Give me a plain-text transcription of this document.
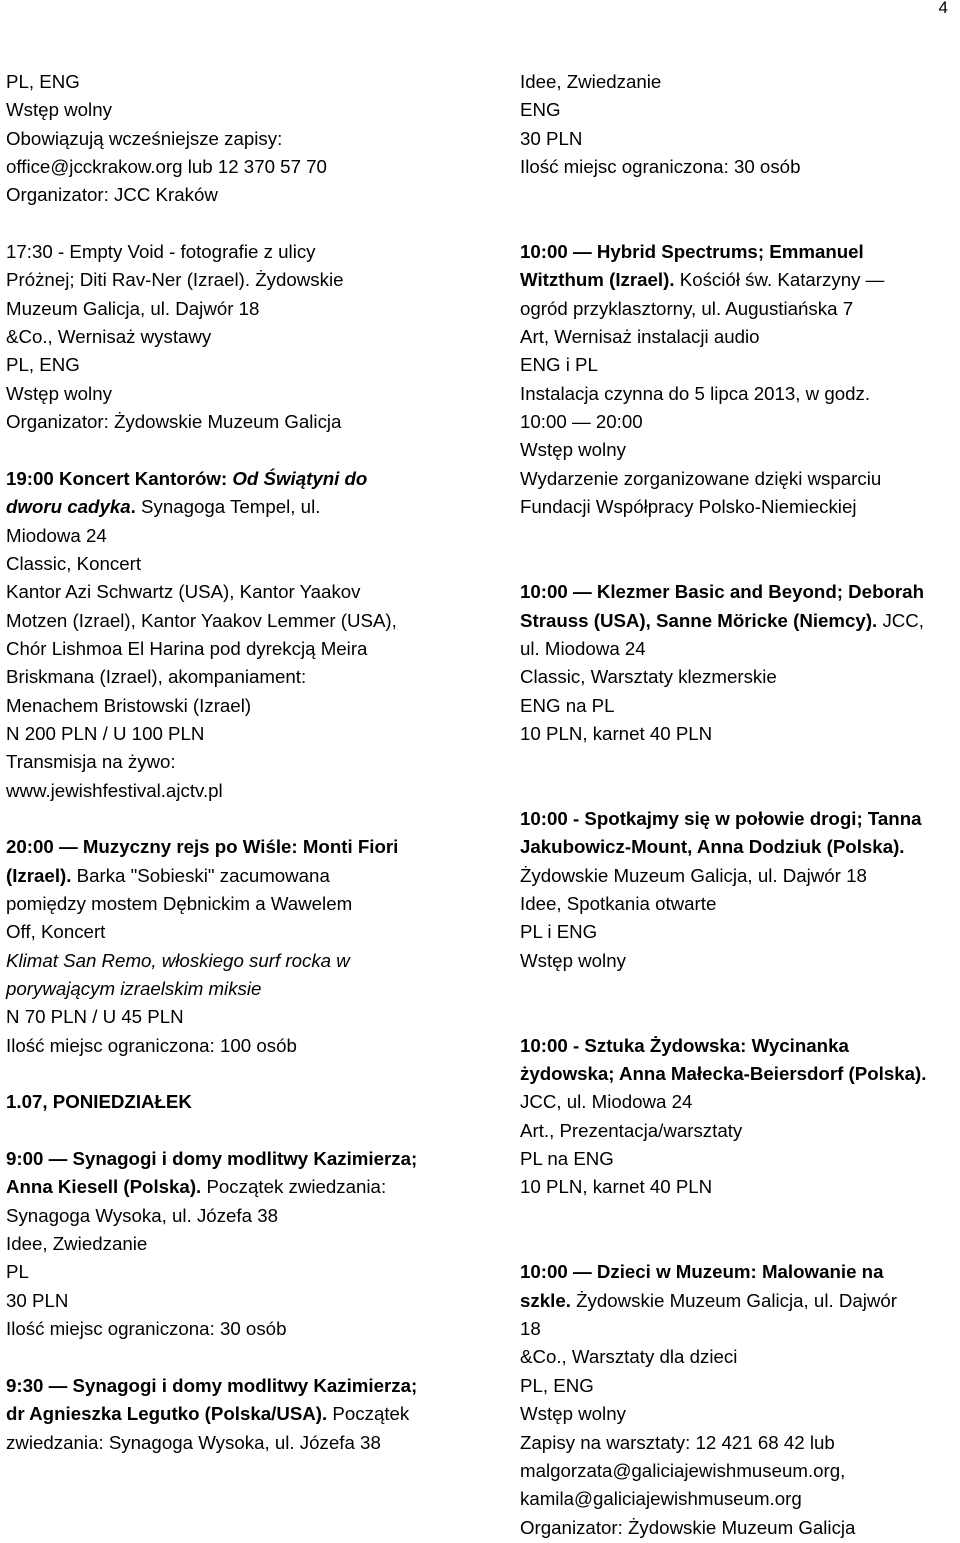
4
PL, ENG
Wstęp wolny
Obowiązują wcześniejsze zapisy:
office@jcckrakow.org lub 12 370 57 70
Organizator: JCC Kraków
17:30 - Empty Void - fotografie z ulicy
Próżnej; Diti Rav-Ner (Izrael). Żydowskie
Muzeum Galicja, ul. Dajwór 18
&Co., Wernisaż wystawy
PL, ENG
Wstęp wolny
Organizator: Żydowskie Muzeum Galicja
19:00 Koncert Kantorów: Od Świątyni do
dworu cadyka. Synagoga Tempel, ul.
Miodowa 24
Classic, Koncert
Kantor Azi Schwartz (USA), Kantor Yaakov
Motzen (Izrael), Kantor Yaakov Lemmer (USA),
Chór Lishmoa El Harina pod dyrekcją Meira
Briskmana (Izrael), akompaniament:
Menachem Bristowski (Izrael)
N 200 PLN / U 100 PLN
Transmisja na żywo:
www.jewishfestival.ajctv.pl
20:00 — Muzyczny rejs po Wiśle: Monti Fiori
(Izrael). Barka "Sobieski" zacumowana
pomiędzy mostem Dębnickim a Wawelem
Off, Koncert
Klimat San Remo, włoskiego surf rocka w
porywającym izraelskim miksie
N 70 PLN / U 45 PLN
Ilość miejsc ograniczona: 100 osób
1.07, PONIEDZIAŁEK
9:00 — Synagogi i domy modlitwy Kazimierza;
Anna Kiesell (Polska). Początek zwiedzania:
Synagoga Wysoka, ul. Józefa 38
Idee, Zwiedzanie
PL
30 PLN
Ilość miejsc ograniczona: 30 osób
9:30 — Synagogi i domy modlitwy Kazimierza;
dr Agnieszka Legutko (Polska/USA). Początek
zwiedzania: Synagoga Wysoka, ul. Józefa 38
Idee, Zwiedzanie
ENG
30 PLN
Ilość miejsc ograniczona: 30 osób
10:00 — Hybrid Spectrums; Emmanuel
Witzthum (Izrael). Kościół św. Katarzyny —
ogród przyklasztorny, ul. Augustiańska 7
Art, Wernisaż instalacji audio
ENG i PL
Instalacja czynna do 5 lipca 2013, w godz.
10:00 — 20:00
Wstęp wolny
Wydarzenie zorganizowane dzięki wsparciu
Fundacji Współpracy Polsko-Niemieckiej
10:00 — Klezmer Basic and Beyond; Deborah
Strauss (USA), Sanne Möricke (Niemcy). JCC,
ul. Miodowa 24
Classic, Warsztaty klezmerskie
ENG na PL
10 PLN, karnet 40 PLN
10:00 - Spotkajmy się w połowie drogi; Tanna
Jakubowicz-Mount, Anna Dodziuk (Polska).
Żydowskie Muzeum Galicja, ul. Dajwór 18
Idee, Spotkania otwarte
PL i ENG
Wstęp wolny
10:00 - Sztuka Żydowska: Wycinanka
żydowska; Anna Małecka-Beiersdorf (Polska).
JCC, ul. Miodowa 24
Art., Prezentacja/warsztaty
PL na ENG
10 PLN, karnet 40 PLN
10:00 — Dzieci w Muzeum: Malowanie na
szkle. Żydowskie Muzeum Galicja, ul. Dajwór
18
&Co., Warsztaty dla dzieci
PL, ENG
Wstęp wolny
Zapisy na warsztaty: 12 421 68 42 lub
malgorzata@galiciajewishmuseum.org,
kamila@galiciajewishmuseum.org
Organizator: Żydowskie Muzeum Galicja
